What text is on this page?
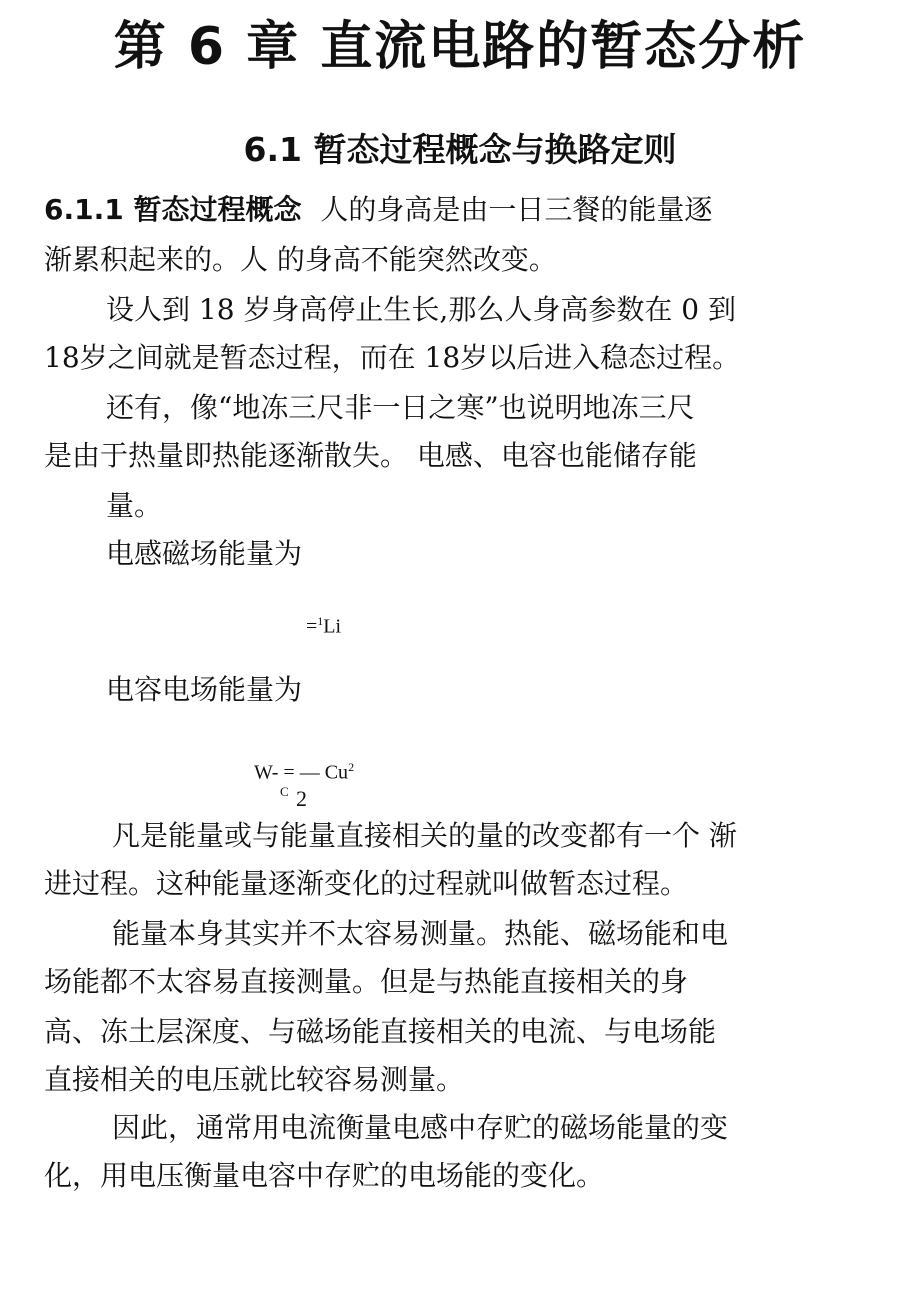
第 6 章 直流电路的暂态分析
6.1 暂态过程概念与换路定则
6.1.1 暂态过程概念 人的身高是由一日三餐的能量逐
渐累积起来的。人 的身高不能突然改变。
设人到 18 岁身高停止生长,那么人身高参数在 0 到
18岁之间就是暂态过程，而在 18岁以后进入稳态过程。
还有，像“地冻三尺非一日之寒”也说明地冻三尺
是由于热量即热能逐渐散失。 电感、电容也能储存能
量。
电感磁场能量为
=$^1$Li
电容电场能量为
W- = — Cu$^2$
C 2
凡是能量或与能量直接相关的量的改变都有一个 渐
进过程。这种能量逐渐变化的过程就叫做暂态过程。
能量本身其实并不太容易测量。热能、磁场能和电
场能都不太容易直接测量。但是与热能直接相关的身
高、冻土层深度、与磁场能直接相关的电流、与电场能
直接相关的电压就比较容易测量。
因此，通常用电流衡量电感中存贮的磁场能量的变
化，用电压衡量电容中存贮的电场能的变化。
